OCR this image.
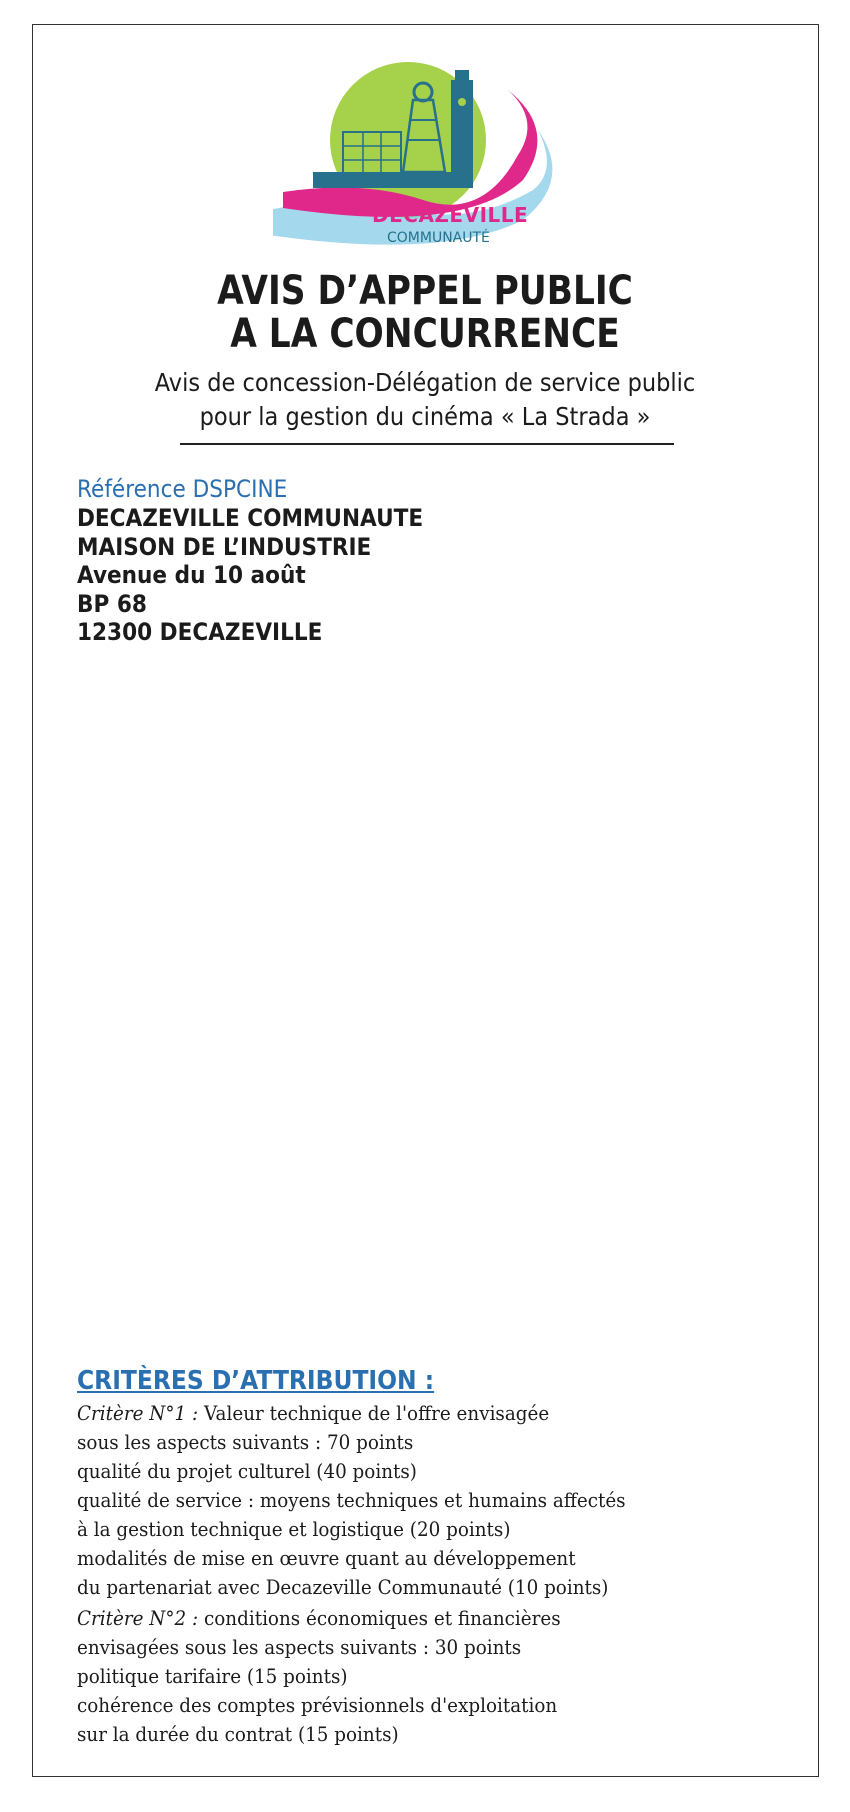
DECAZEVILLE
COMMUNAUTÉ
AVIS D’APPEL PUBLIC
A LA CONCURRENCE
Avis de concession-Délégation de service public
pour la gestion du cinéma « La Strada »
Référence DSPCINE
DECAZEVILLE COMMUNAUTE
MAISON DE L’INDUSTRIE
Avenue du 10 août
BP 68
12300 DECAZEVILLE
CRITÈRES D’ATTRIBUTION :
Critère N°1 : Valeur technique de l'offre envisagée
sous les aspects suivants : 70 points
qualité du projet culturel (40 points)
qualité de service : moyens techniques et humains affectés
à la gestion technique et logistique (20 points)
modalités de mise en œuvre quant au développement
du partenariat avec Decazeville Communauté (10 points)
Critère N°2 : conditions économiques et financières
envisagées sous les aspects suivants : 30 points
politique tarifaire (15 points)
cohérence des comptes prévisionnels d'exploitation
sur la durée du contrat (15 points)
